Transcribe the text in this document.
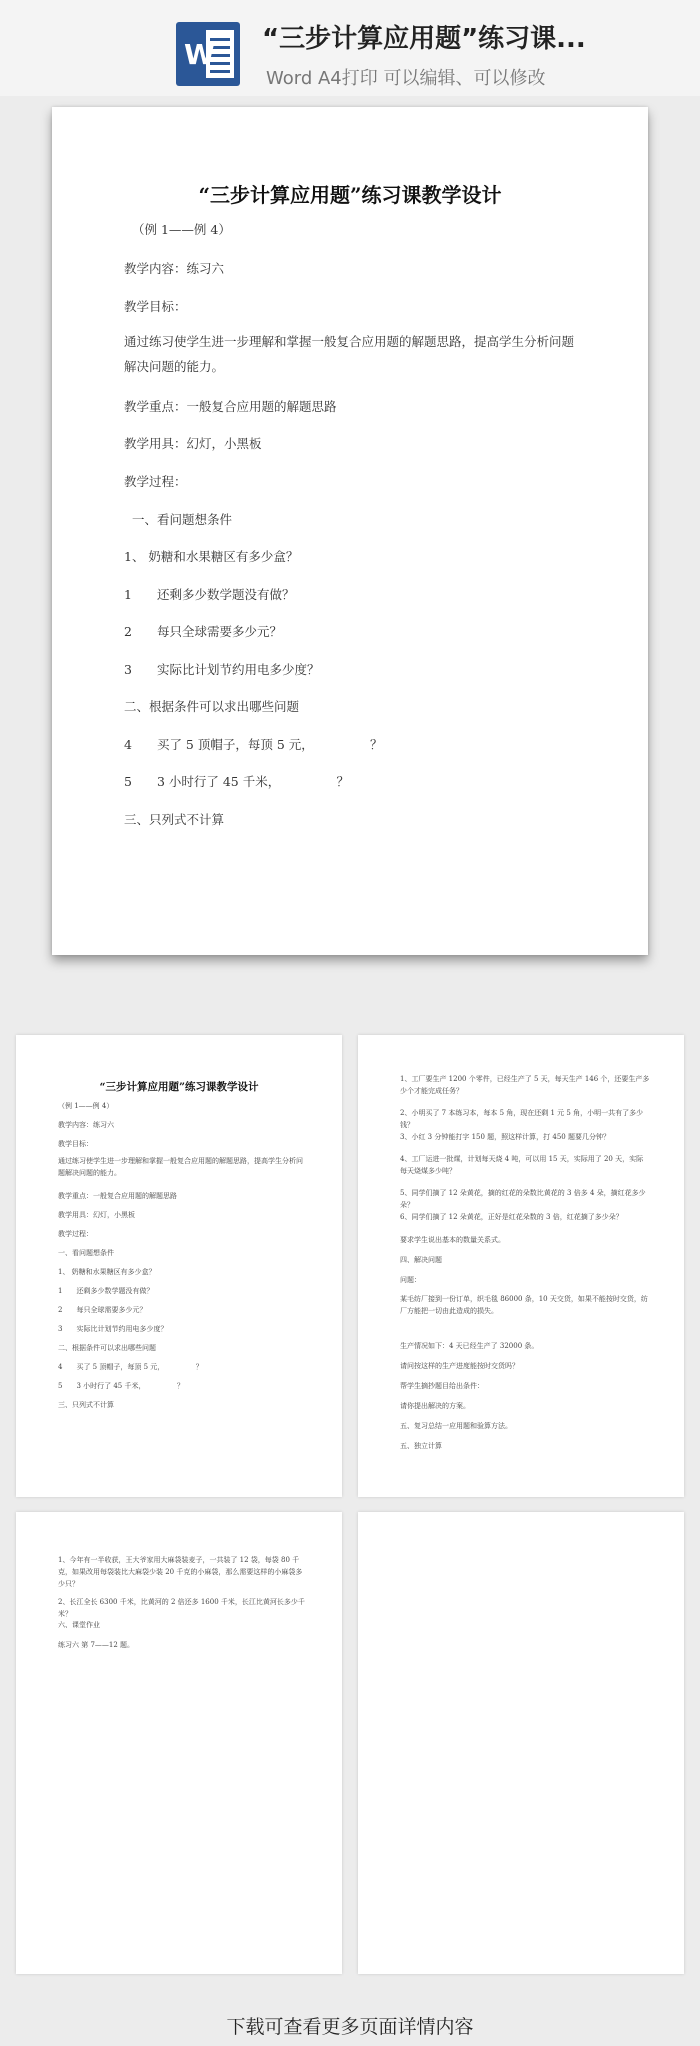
W “三步计算应用题”练习课...
Word A4打印 可以编辑、可以修改
“三步计算应用题”练习课教学设计
（例 1——例 4）
教学内容：练习六
教学目标：
通过练习使学生进一步理解和掌握一般复合应用题的解题思路，提高学生分析问题解决问题的能力。
教学重点：一般复合应用题的解题思路
教学用具：幻灯，小黑板
教学过程：
一、看问题想条件
1、 奶糖和水果糖区有多少盒？
1　　还剩多少数学题没有做？
2　　每只全球需要多少元？
3　　实际比计划节约用电多少度？
二、根据条件可以求出哪些问题
4　　买了 5 顶帽子，每顶 5 元，　　　　　？
5　　3 小时行了 45 千米，　　　　　？
三、只列式不计算
“三步计算应用题”练习课教学设计
（例 1——例 4）
教学内容：练习六
教学目标：
通过练习使学生进一步理解和掌握一般复合应用题的解题思路，提高学生分析问题解决问题的能力。
教学重点：一般复合应用题的解题思路
教学用具：幻灯，小黑板
教学过程：
一、看问题想条件
1、 奶糖和水果糖区有多少盒？
1　　还剩多少数学题没有做？
2　　每只全球需要多少元？
3　　实际比计划节约用电多少度？
二、根据条件可以求出哪些问题
4　　买了 5 顶帽子，每顶 5 元，　　　　　？
5　　3 小时行了 45 千米，　　　　　？
三、只列式不计算
1、工厂要生产 1200 个零件，已经生产了 5 天，每天生产 146 个，还要生产多少个才能完成任务？
2、小明买了 7 本练习本，每本 5 角，现在还剩 1 元 5 角，小明一共有了多少钱？
3、小红 3 分钟能打字 150 题，照这样计算，打 450 题要几分钟？
4、工厂运进一批煤，计划每天烧 4 吨，可以用 15 天，实际用了 20 天，实际每天烧煤多少吨？
5、同学们摘了 12 朵黄花，摘的红花的朵数比黄花的 3 倍多 4 朵，摘红花多少朵？
6、同学们摘了 12 朵黄花，正好是红花朵数的 3 倍，红花摘了多少朵？
要求学生说出基本的数量关系式。
四、解决问题
问题：
某毛纺厂接到一份订单，织毛毯 86000 条，10 天交货，如果不能按时交货，纺厂方能把一切由此造成的损失。
生产情况如下：4 天已经生产了 32000 条。
请问按这样的生产进度能按时交货吗？
帮学生摘抄题目给出条件：
请你提出解决的方案。
五、复习总结一应用题和验算方法。
五、独立计算
1、今年有一半收获，王大爷家用大麻袋装麦子，一共装了 12 袋，每袋 80 千克，如果改用每袋装比大麻袋少装 20 千克的小麻袋，那么需要这样的小麻袋多少只？
2、长江全长 6300 千米，比黄河的 2 倍还多 1600 千米，长江比黄河长多少千米？
六、课堂作业
练习六 第 7——12 题。
下载可查看更多页面详情内容
